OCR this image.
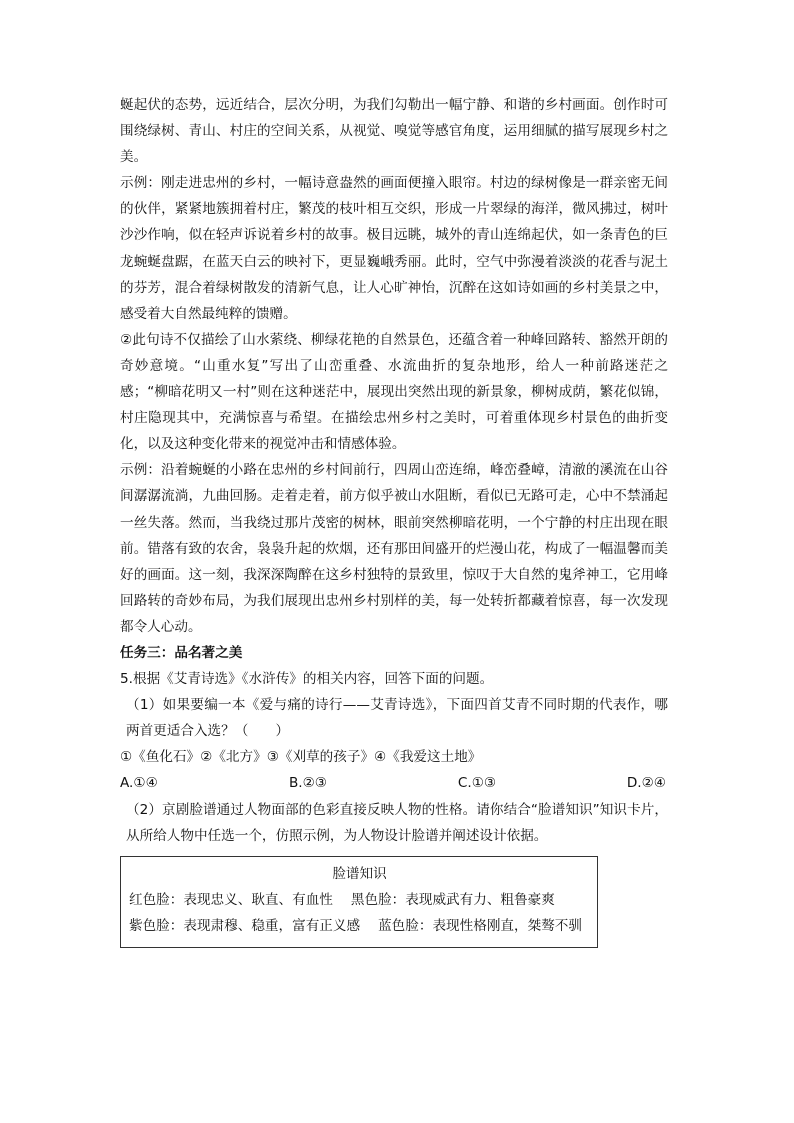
蜒起伏的态势，远近结合，层次分明，为我们勾勒出一幅宁静、和谐的乡村画面。创作时可围绕绿树、青山、村庄的空间关系，从视觉、嗅觉等感官角度，运用细腻的描写展现乡村之美。

示例：刚走进忠州的乡村，一幅诗意盎然的画面便撞入眼帘。村边的绿树像是一群亲密无间的伙伴，紧紧地簇拥着村庄，繁茂的枝叶相互交织，形成一片翠绿的海洋，微风拂过，树叶沙沙作响，似在轻声诉说着乡村的故事。极目远眺，城外的青山连绵起伏，如一条青色的巨龙蜿蜒盘踞，在蓝天白云的映衬下，更显巍峨秀丽。此时，空气中弥漫着淡淡的花香与泥土的芬芳，混合着绿树散发的清新气息，让人心旷神怡，沉醉在这如诗如画的乡村美景之中，感受着大自然最纯粹的馈赠。

②此句诗不仅描绘了山水萦绕、柳绿花艳的自然景色，还蕴含着一种峰回路转、豁然开朗的奇妙意境。“山重水复”写出了山峦重叠、水流曲折的复杂地形，给人一种前路迷茫之感；“柳暗花明又一村”则在这种迷茫中，展现出突然出现的新景象，柳树成荫，繁花似锦，村庄隐现其中，充满惊喜与希望。在描绘忠州乡村之美时，可着重体现乡村景色的曲折变化，以及这种变化带来的视觉冲击和情感体验。

示例：沿着蜿蜒的小路在忠州的乡村间前行，四周山峦连绵，峰峦叠嶂，清澈的溪流在山谷间潺潺流淌，九曲回肠。走着走着，前方似乎被山水阻断，看似已无路可走，心中不禁涌起一丝失落。然而，当我绕过那片茂密的树林，眼前突然柳暗花明，一个宁静的村庄出现在眼前。错落有致的农舍，袅袅升起的炊烟，还有那田间盛开的烂漫山花，构成了一幅温馨而美好的画面。这一刻，我深深陶醉在这乡村独特的景致里，惊叹于大自然的鬼斧神工，它用峰回路转的奇妙布局，为我们展现出忠州乡村别样的美，每一处转折都藏着惊喜，每一次发现都令人心动。

任务三：品名著之美

5.根据《艾青诗选》《水浒传》的相关内容，回答下面的问题。

（1）如果要编一本《爱与痛的诗行——艾青诗选》，下面四首艾青不同时期的代表作，哪两首更适合入选？（　　）

①《鱼化石》②《北方》③《刈草的孩子》④《我爱这土地》

A.①④	B.②③	C.①③	D.②④

（2）京剧脸谱通过人物面部的色彩直接反映人物的性格。请你结合“脸谱知识”知识卡片，从所给人物中任选一个，仿照示例，为人物设计脸谱并阐述设计依据。

脸谱知识

红色脸：表现忠义、耿直、有血性 黑色脸：表现威武有力、粗鲁豪爽

紫色脸：表现肃穆、稳重，富有正义感 蓝色脸：表现性格刚直，桀骜不驯
